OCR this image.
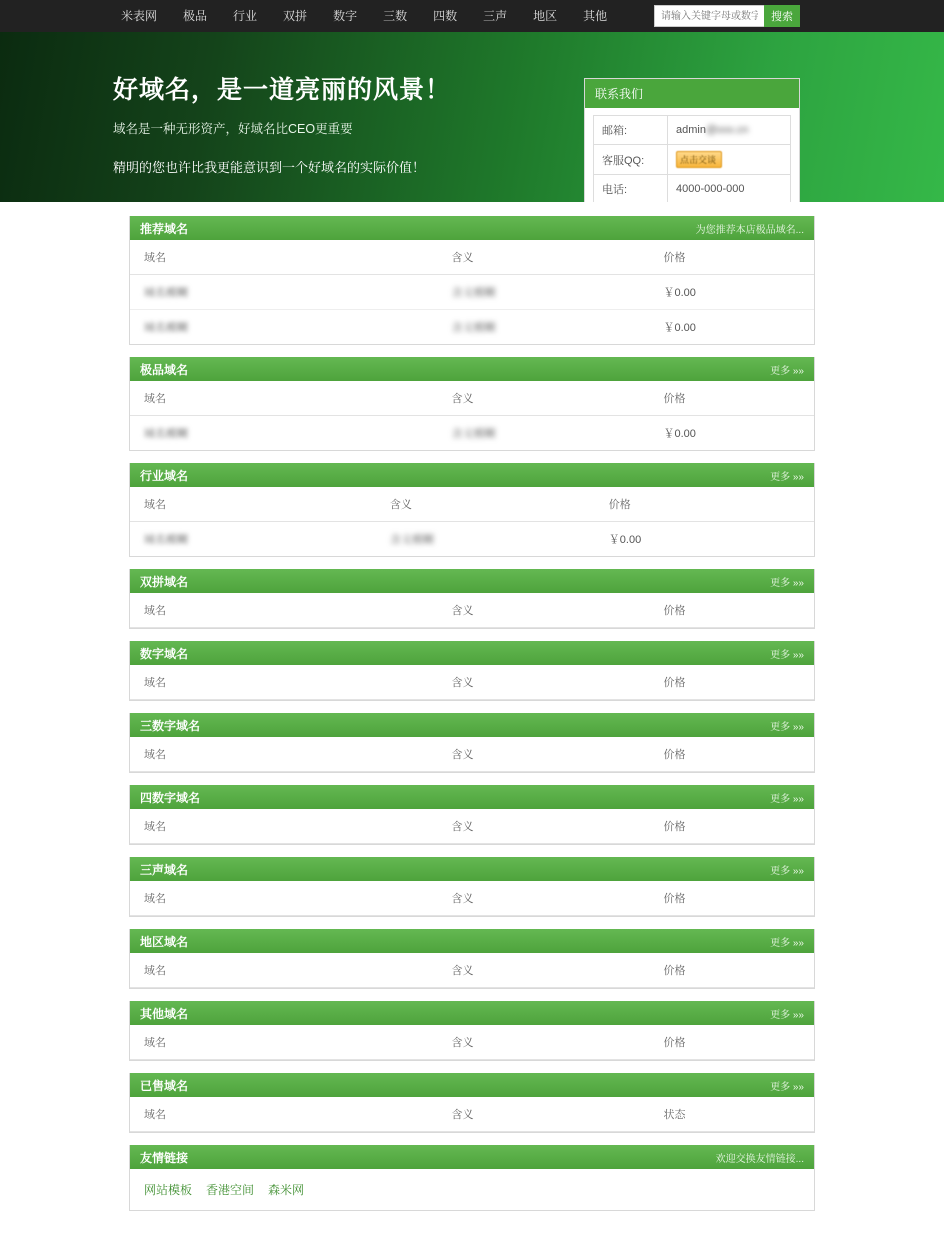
米表网	极品	行业	双拼	数字	三数	四数	三声	地区	其他
请输入关键字母或数字	搜索
好域名，是一道亮丽的风景！

域名是一种无形资产，好域名比CEO更重要

精明的您也许比我更能意识到一个好域名的实际价值！

联系我们
邮箱:	admin@xxx.cn
客服QQ:	点击交谈
电话:	4000-000-000
推荐域名	为您推荐本店极品域名...
域名	含义	价格
域名模糊	含义模糊	￥0.00
域名模糊	含义模糊	￥0.00
极品域名	更多 »»
域名	含义	价格
域名模糊	含义模糊	￥0.00
行业域名	更多 »»
域名	含义	价格
域名模糊	含义模糊	￥0.00
双拼域名	更多 »»
域名	含义	价格
数字域名	更多 »»
域名	含义	价格
三数字域名	更多 »»
域名	含义	价格
四数字域名	更多 »»
域名	含义	价格
三声域名	更多 »»
域名	含义	价格
地区域名	更多 »»
域名	含义	价格
其他域名	更多 »»
域名	含义	价格
已售域名	更多 »»
域名	含义	状态
友情链接	欢迎交换友情链接...
网站模板 香港空间 森米网
